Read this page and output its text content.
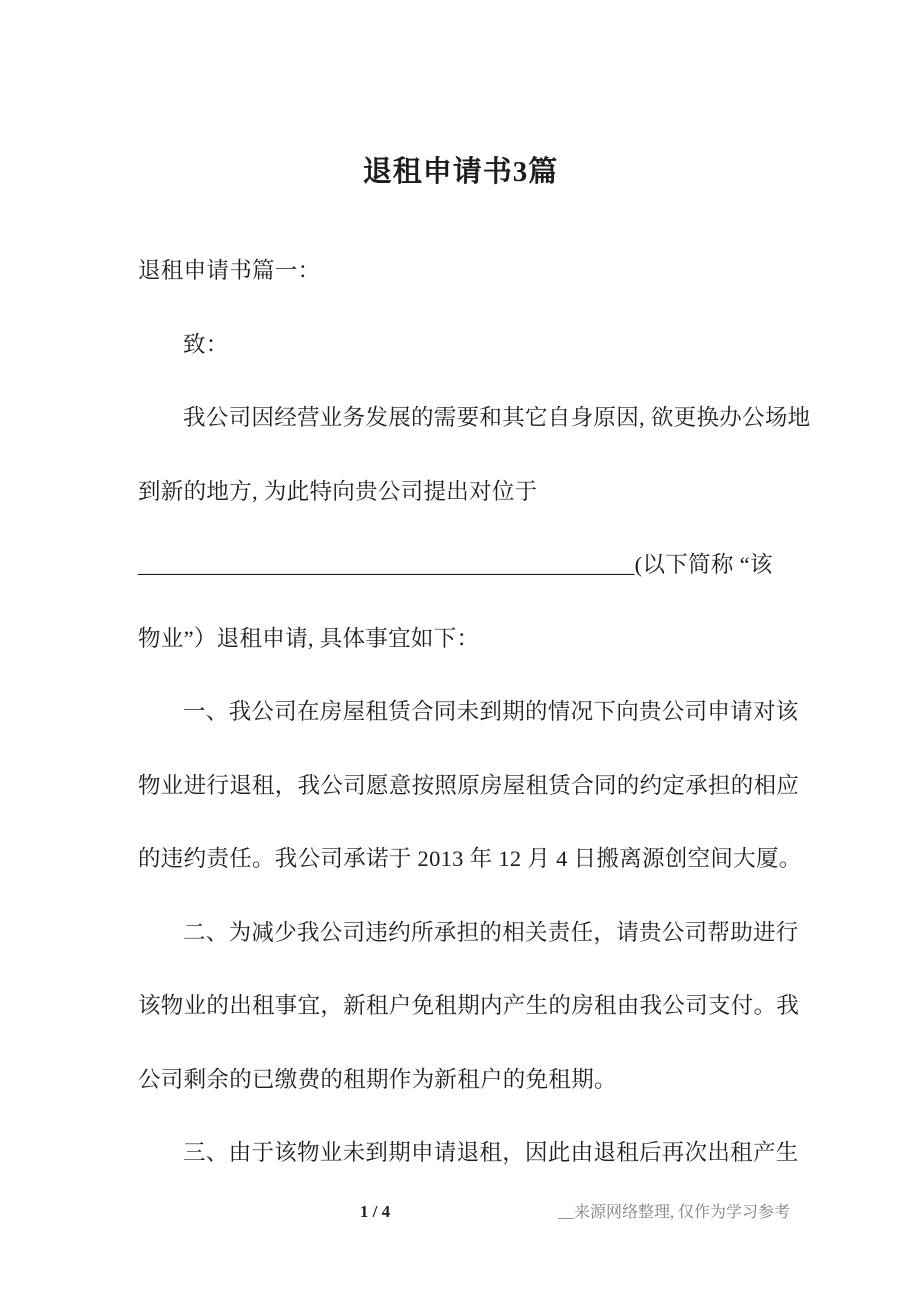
退租申请书3篇
退租申请书篇一：
致：
我公司因经营业务发展的需要和其它自身原因, 欲更换办公场地
到新的地方, 为此特向贵公司提出对位于
___________________________________________(以下简称 “该
物业”）退租申请, 具体事宜如下：
一、我公司在房屋租赁合同未到期的情况下向贵公司申请对该
物业进行退租，我公司愿意按照原房屋租赁合同的约定承担的相应
的违约责任。我公司承诺于 2013 年 12 月 4 日搬离源创空间大厦。
二、为减少我公司违约所承担的相关责任，请贵公司帮助进行
该物业的出租事宜，新租户免租期内产生的房租由我公司支付。我
公司剩余的已缴费的租期作为新租户的免租期。
三、由于该物业未到期申请退租，因此由退租后再次出租产生
1 / 4	__来源网络整理, 仅作为学习参考
